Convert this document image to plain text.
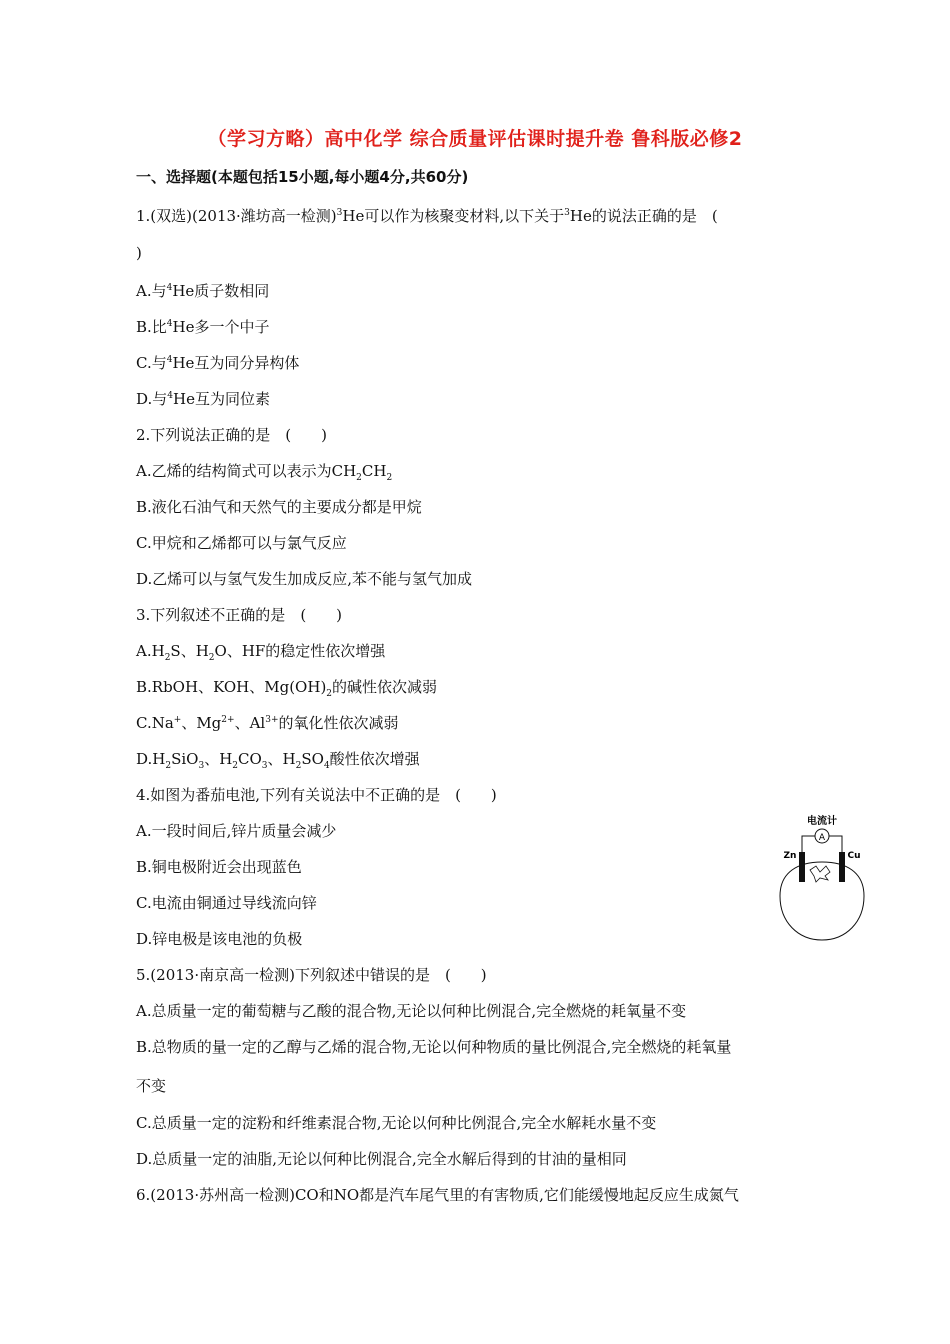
（学习方略）高中化学 综合质量评估课时提升卷 鲁科版必修2
一、选择题(本题包括15小题,每小题4分,共60分)
1.(双选)(2013·潍坊高一检测)$^3$He可以作为核聚变材料,以下关于$^3$He的说法正确的是　(
)
A.与$^4$He质子数相同
B.比$^4$He多一个中子
C.与$^4$He互为同分异构体
D.与$^4$He互为同位素
2.下列说法正确的是　(　　)
A.乙烯的结构简式可以表示为$CH_2CH_2$
B.液化石油气和天然气的主要成分都是甲烷
C.甲烷和乙烯都可以与氯气反应
D.乙烯可以与氢气发生加成反应,苯不能与氢气加成
3.下列叙述不正确的是　(　　)
$A.H_2S$、$H_2O$、HF的稳定性依次增强
B.RbOH、KOH、$Mg(OH)_2$的碱性依次减弱
C.Na+、$Mg^{2+}$、$Al^{3+}$的氧化性依次减弱
$D.H_2SiO_3$、$H_2CO_3$、$H_2SO_4$酸性依次增强
4.如图为番茄电池,下列有关说法中不正确的是　(　　)
A.一段时间后,锌片质量会减少
B.铜电极附近会出现蓝色
C.电流由铜通过导线流向锌
D.锌电极是该电池的负极
电流计
A
Zn	Cu
5.(2013·南京高一检测)下列叙述中错误的是　(　　)
A.总质量一定的葡萄糖与乙酸的混合物,无论以何种比例混合,完全燃烧的耗氧量不变
B.总物质的量一定的乙醇与乙烯的混合物,无论以何种物质的量比例混合,完全燃烧的耗氧量
不变
C.总质量一定的淀粉和纤维素混合物,无论以何种比例混合,完全水解耗水量不变
D.总质量一定的油脂,无论以何种比例混合,完全水解后得到的甘油的量相同
6.(2013·苏州高一检测)CO和NO都是汽车尾气里的有害物质,它们能缓慢地起反应生成氮气
